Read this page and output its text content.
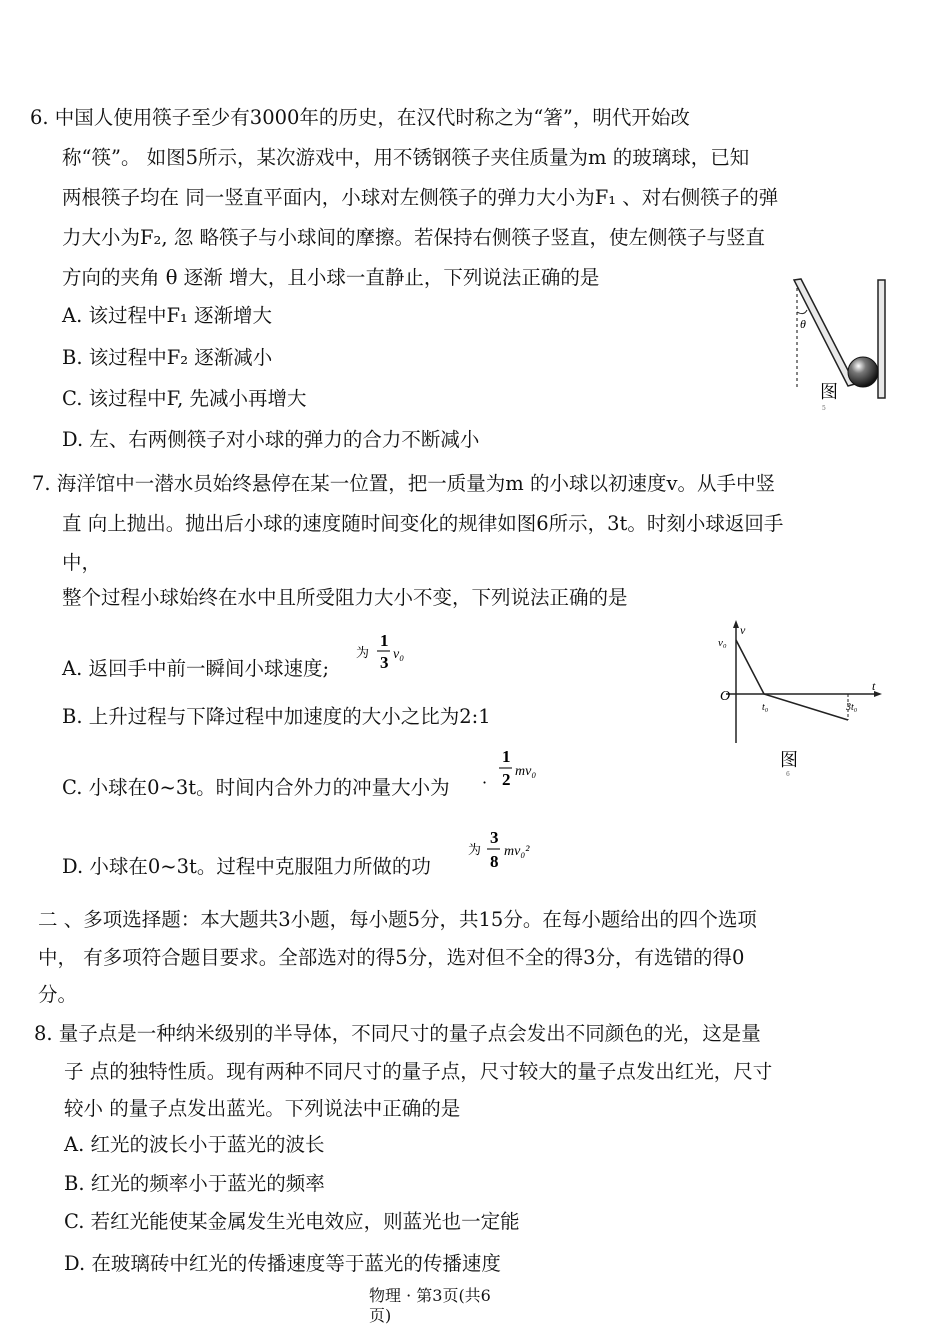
6. 中国人使用筷子至少有3000年的历史，在汉代时称之为“箸”，明代开始改
称“筷”。 如图5所示，某次游戏中，用不锈钢筷子夹住质量为m 的玻璃球，已知
两根筷子均在 同一竖直平面内，小球对左侧筷子的弹力大小为F₁ 、对右侧筷子的弹
力大小为F₂, 忽 略筷子与小球间的摩擦。若保持右侧筷子竖直，使左侧筷子与竖直
方向的夹角 θ 逐渐 增大，且小球一直静止，下列说法正确的是
A. 该过程中F₁ 逐渐增大
B. 该过程中F₂ 逐渐减小
C. 该过程中F, 先减小再增大
D. 左、右两侧筷子对小球的弹力的合力不断减小
θ
图
5
7. 海洋馆中一潜水员始终悬停在某一位置，把一质量为m 的小球以初速度v。从手中竖
直 向上抛出。抛出后小球的速度随时间变化的规律如图6所示，3t。时刻小球返回手
中，
整个过程小球始终在水中且所受阻力大小不变，下列说法正确的是
A. 返回手中前一瞬间小球速度;
为
1
3 v₀
B. 上升过程与下降过程中加速度的大小之比为2:1
C. 小球在0~3t。时间内合外力的冲量大小为 ·
1
2 mv₀
D. 小球在0~3t。过程中克服阻力所做的功
为
3
8
mv₀²
v
v₀
O
t
t₀	3t₀
图
6
二 、多项选择题：本大题共3小题，每小题5分，共15分。在每小题给出的四个选项
中， 有多项符合题目要求。全部选对的得5分，选对但不全的得3分，有选错的得0
分。
8. 量子点是一种纳米级别的半导体，不同尺寸的量子点会发出不同颜色的光，这是量
子 点的独特性质。现有两种不同尺寸的量子点，尺寸较大的量子点发出红光，尺寸
较小 的量子点发出蓝光。下列说法中正确的是
A. 红光的波长小于蓝光的波长
B. 红光的频率小于蓝光的频率
C. 若红光能使某金属发生光电效应，则蓝光也一定能
D. 在玻璃砖中红光的传播速度等于蓝光的传播速度
物理 · 第3页(共6
页)
